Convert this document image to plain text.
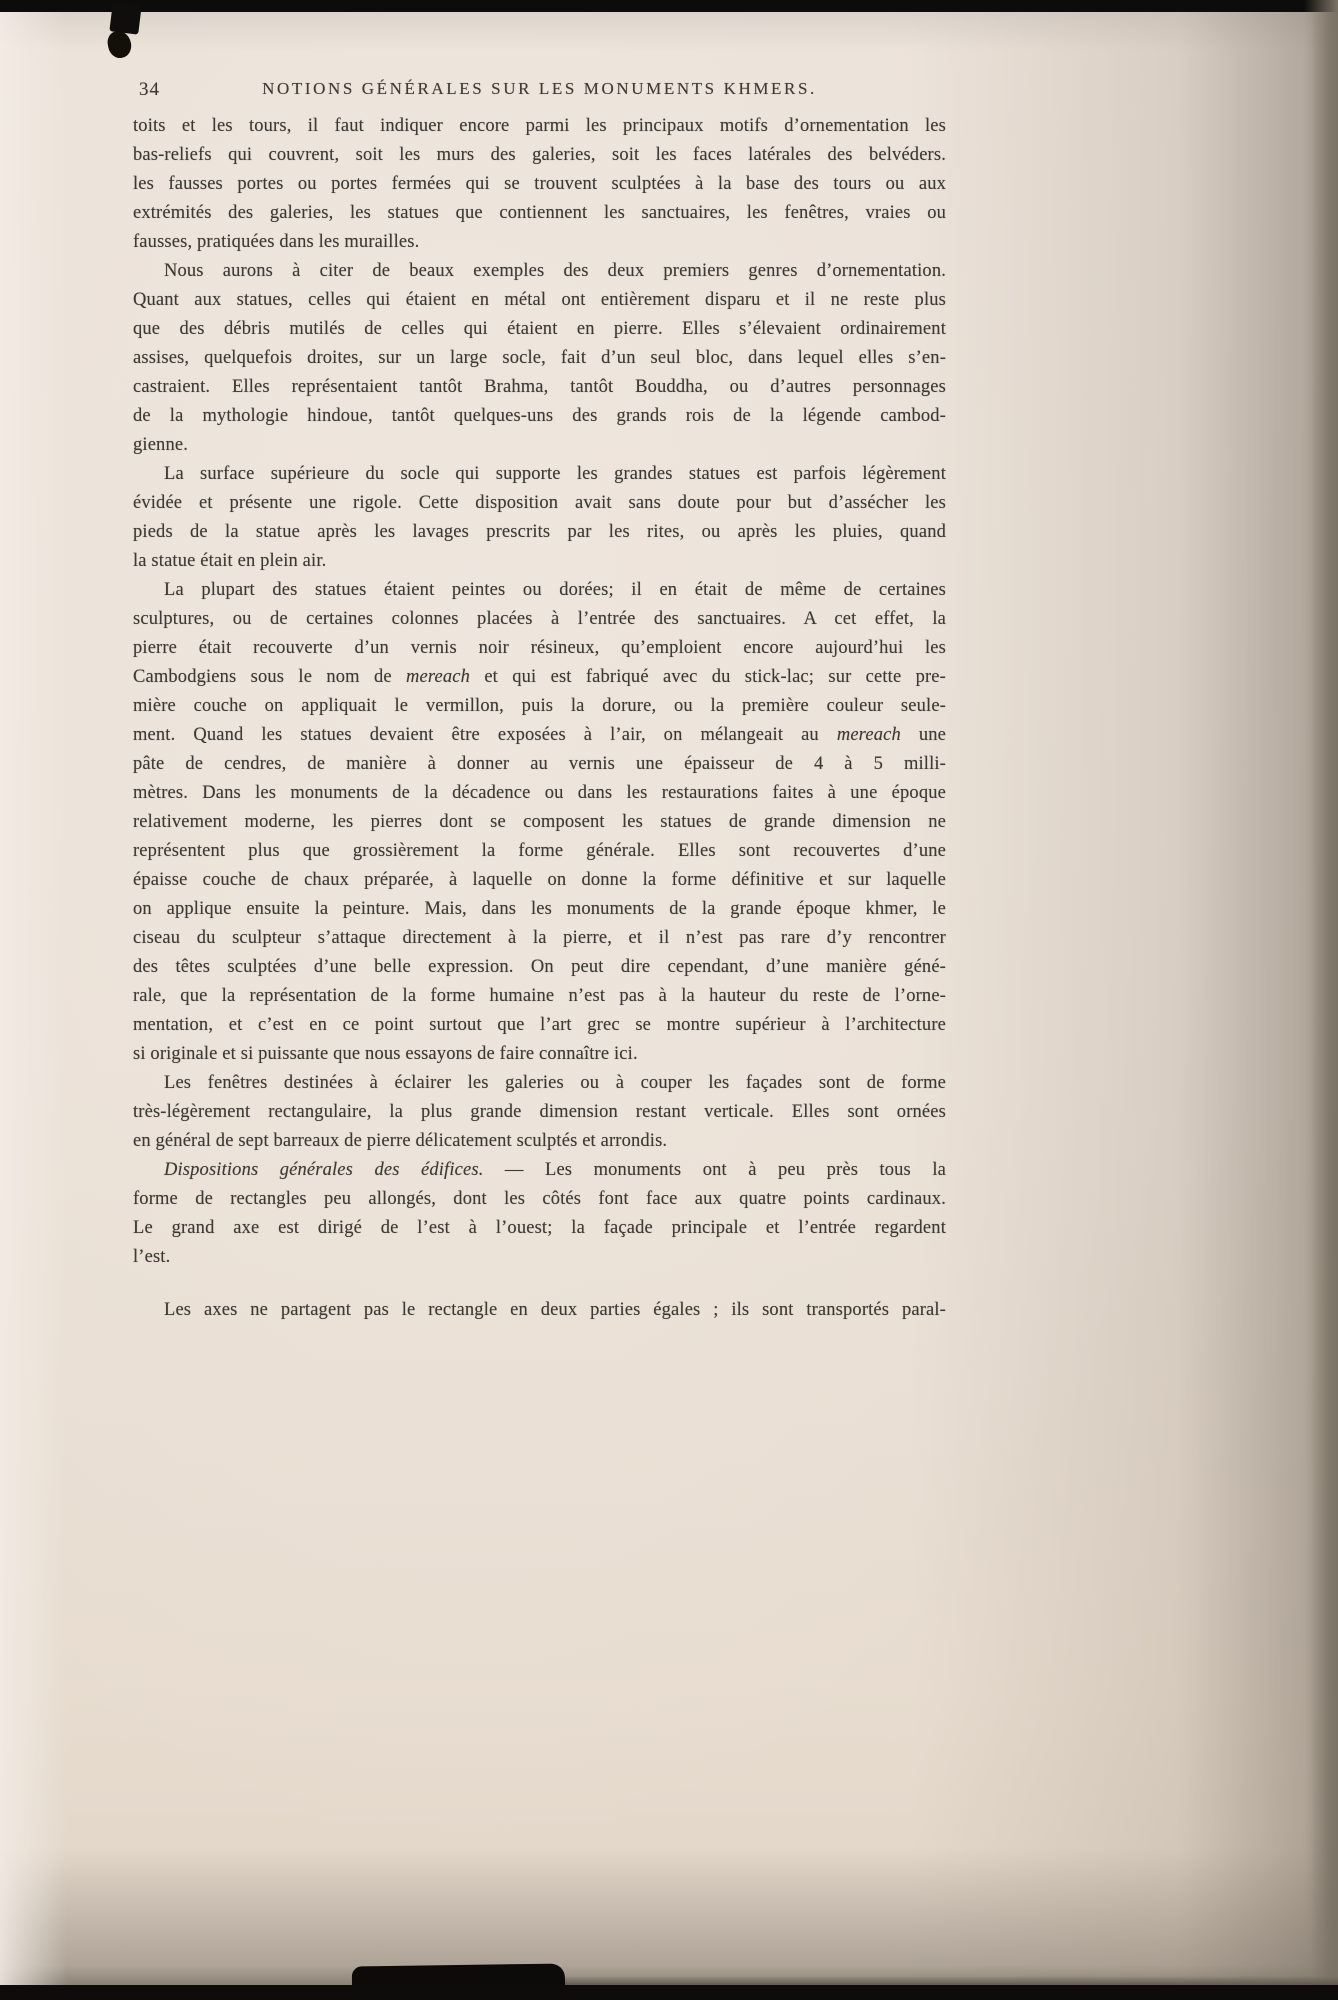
34	NOTIONS GÉNÉRALES SUR LES MONUMENTS KHMERS.
toits et les tours, il faut indiquer encore parmi les principaux motifs d’ornementation les
bas-reliefs qui couvrent, soit les murs des galeries, soit les faces latérales des belvéders.
les fausses portes ou portes fermées qui se trouvent sculptées à la base des tours ou aux
extrémités des galeries, les statues que contiennent les sanctuaires, les fenêtres, vraies ou
fausses, pratiquées dans les murailles.
Nous aurons à citer de beaux exemples des deux premiers genres d’ornementation.
Quant aux statues, celles qui étaient en métal ont entièrement disparu et il ne reste plus
que des débris mutilés de celles qui étaient en pierre. Elles s’élevaient ordinairement
assises, quelquefois droites, sur un large socle, fait d’un seul bloc, dans lequel elles s’en-
castraient. Elles représentaient tantôt Brahma, tantôt Bouddha, ou d’autres personnages
de la mythologie hindoue, tantôt quelques-uns des grands rois de la légende cambod-
gienne.
La surface supérieure du socle qui supporte les grandes statues est parfois légèrement
évidée et présente une rigole. Cette disposition avait sans doute pour but d’assécher les
pieds de la statue après les lavages prescrits par les rites, ou après les pluies, quand
la statue était en plein air.
La plupart des statues étaient peintes ou dorées; il en était de même de certaines
sculptures, ou de certaines colonnes placées à l’entrée des sanctuaires. A cet effet, la
pierre était recouverte d’un vernis noir résineux, qu’emploient encore aujourd’hui les
Cambodgiens sous le nom de mereach et qui est fabriqué avec du stick-lac; sur cette pre-
mière couche on appliquait le vermillon, puis la dorure, ou la première couleur seule-
ment. Quand les statues devaient être exposées à l’air, on mélangeait au mereach une
pâte de cendres, de manière à donner au vernis une épaisseur de 4 à 5 milli-
mètres. Dans les monuments de la décadence ou dans les restaurations faites à une époque
relativement moderne, les pierres dont se composent les statues de grande dimension ne
représentent plus que grossièrement la forme générale. Elles sont recouvertes d’une
épaisse couche de chaux préparée, à laquelle on donne la forme définitive et sur laquelle
on applique ensuite la peinture. Mais, dans les monuments de la grande époque khmer, le
ciseau du sculpteur s’attaque directement à la pierre, et il n’est pas rare d’y rencontrer
des têtes sculptées d’une belle expression. On peut dire cependant, d’une manière géné-
rale, que la représentation de la forme humaine n’est pas à la hauteur du reste de l’orne-
mentation, et c’est en ce point surtout que l’art grec se montre supérieur à l’architecture
si originale et si puissante que nous essayons de faire connaître ici.
Les fenêtres destinées à éclairer les galeries ou à couper les façades sont de forme
très-légèrement rectangulaire, la plus grande dimension restant verticale. Elles sont ornées
en général de sept barreaux de pierre délicatement sculptés et arrondis.
Dispositions générales des édifices. — Les monuments ont à peu près tous la
forme de rectangles peu allongés, dont les côtés font face aux quatre points cardinaux.
Le grand axe est dirigé de l’est à l’ouest; la façade principale et l’entrée regardent
l’est.
Les axes ne partagent pas le rectangle en deux parties égales ; ils sont transportés paral-
